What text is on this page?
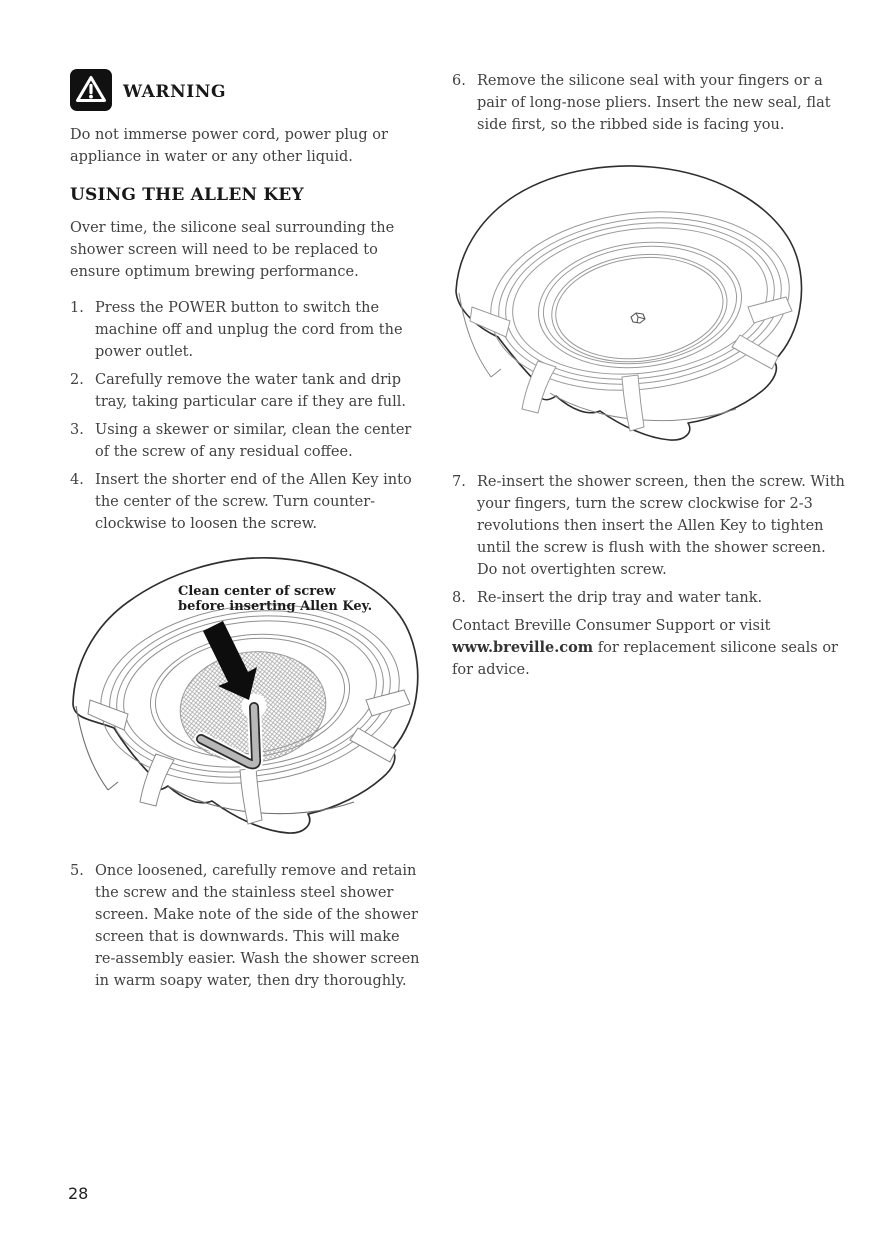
WARNING

Do not immerse power cord, power plug or appliance in water or any other liquid.

USING THE ALLEN KEY

Over time, the silicone seal surrounding the shower screen will need to be replaced to ensure optimum brewing performance.

1. Press the POWER button to switch the machine off and unplug the cord from the power outlet.
2. Carefully remove the water tank and drip tray, taking particular care if they are full.
3. Using a skewer or similar, clean the center of the screw of any residual coffee.
4. Insert the shorter end of the Allen Key into the center of the screw. Turn counter-clockwise to loosen the screw.
Clean center of screw
before inserting Allen Key.
5. Once loosened, carefully remove and retain the screw and the stainless steel shower screen. Make note of the side of the shower screen that is downwards. This will make re-assembly easier. Wash the shower screen in warm soapy water, then dry thoroughly.
6. Remove the silicone seal with your fingers or a pair of long-nose pliers. Insert the new seal, flat side first, so the ribbed side is facing you.
7. Re-insert the shower screen, then the screw. With your fingers, turn the screw clockwise for 2-3 revolutions then insert the Allen Key to tighten until the screw is flush with the shower screen. Do not overtighten screw.
8. Re-insert the drip tray and water tank.

Contact Breville Consumer Support or visit www.breville.com for replacement silicone seals or for advice.

28
